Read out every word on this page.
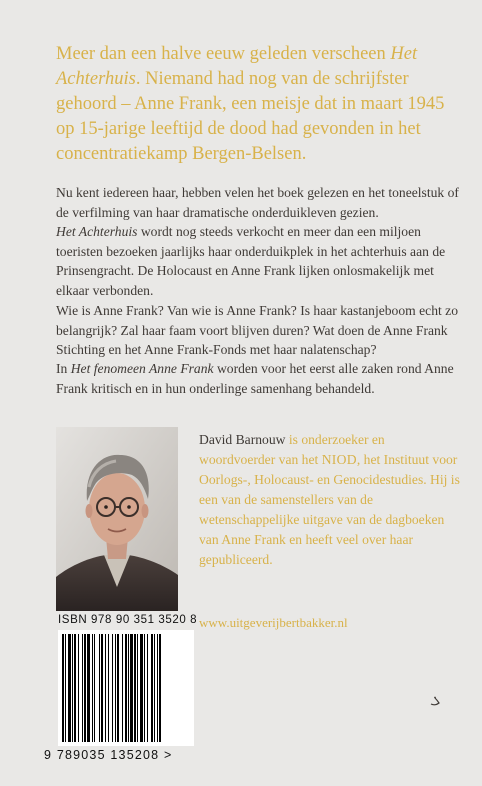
Meer dan een halve eeuw geleden verscheen Het Achterhuis. Niemand had nog van de schrijfster gehoord – Anne Frank, een meisje dat in maart 1945 op 15-jarige leeftijd de dood had gevonden in het concentratiekamp Bergen-Belsen.

Nu kent iedereen haar, hebben velen het boek gelezen en het toneelstuk of de verfilming van haar dramatische onderduikleven gezien.

Het Achterhuis wordt nog steeds verkocht en meer dan een miljoen toeristen bezoeken jaarlijks haar onderduikplek in het achterhuis aan de Prinsengracht. De Holocaust en Anne Frank lijken onlosmakelijk met elkaar verbonden.

Wie is Anne Frank? Van wie is Anne Frank? Is haar kastanjeboom echt zo belangrijk? Zal haar faam voort blijven duren? Wat doen de Anne Frank Stichting en het Anne Frank-Fonds met haar nalatenschap?

In Het fenomeen Anne Frank worden voor het eerst alle zaken rond Anne Frank kritisch en in hun onderlinge samenhang behandeld.

David Barnouw is onderzoeker en woordvoerder van het NIOD, het Instituut voor Oorlogs-, Holocaust- en Genocidestudies. Hij is een van de samenstellers van de wetenschappelijke uitgave van de dagboeken van Anne Frank en heeft veel over haar gepubliceerd.

ISBN 978 90 351 3520 8

9 789035 135208 >

www.uitgeverijbertbakker.nl
